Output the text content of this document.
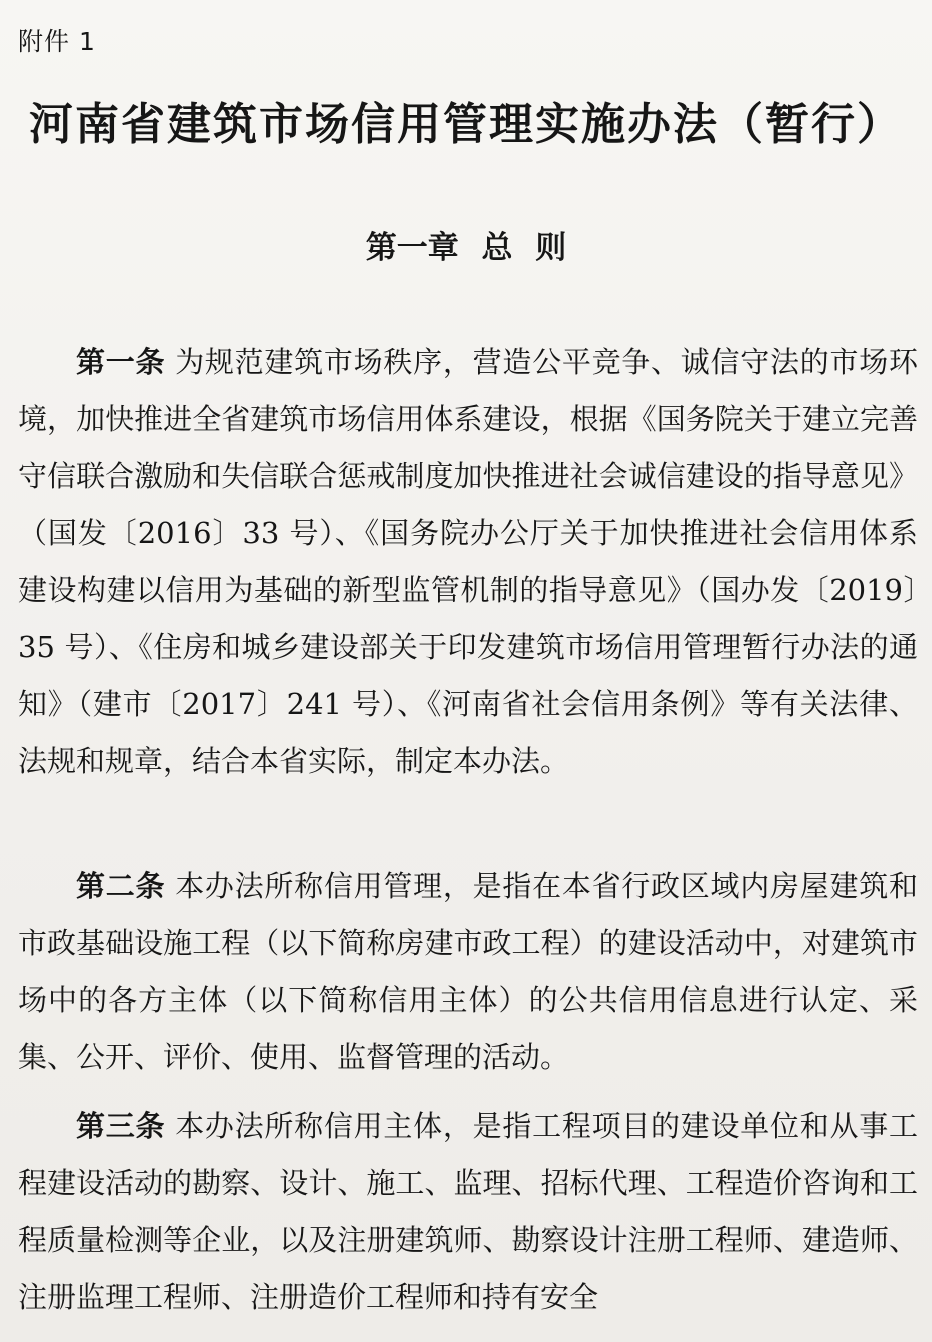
附件 1
河南省建筑市场信用管理实施办法（暂行）
第一章 总 则
第一条 为规范建筑市场秩序，营造公平竞争、诚信守法的市场环境，加快推进全省建筑市场信用体系建设，根据《国务院关于建立完善守信联合激励和失信联合惩戒制度加快推进社会诚信建设的指导意见》（国发〔2016〕33 号）、《国务院办公厅关于加快推进社会信用体系建设构建以信用为基础的新型监管机制的指导意见》（国办发〔2019〕35 号）、《住房和城乡建设部关于印发建筑市场信用管理暂行办法的通知》（建市〔2017〕241 号）、《河南省社会信用条例》等有关法律、法规和规章，结合本省实际，制定本办法。
第二条 本办法所称信用管理，是指在本省行政区域内房屋建筑和市政基础设施工程（以下简称房建市政工程）的建设活动中，对建筑市场中的各方主体（以下简称信用主体）的公共信用信息进行认定、采集、公开、评价、使用、监督管理的活动。
第三条 本办法所称信用主体，是指工程项目的建设单位和从事工程建设活动的勘察、设计、施工、监理、招标代理、工程造价咨询和工程质量检测等企业，以及注册建筑师、勘察设计注册工程师、建造师、注册监理工程师、注册造价工程师和持有安全
